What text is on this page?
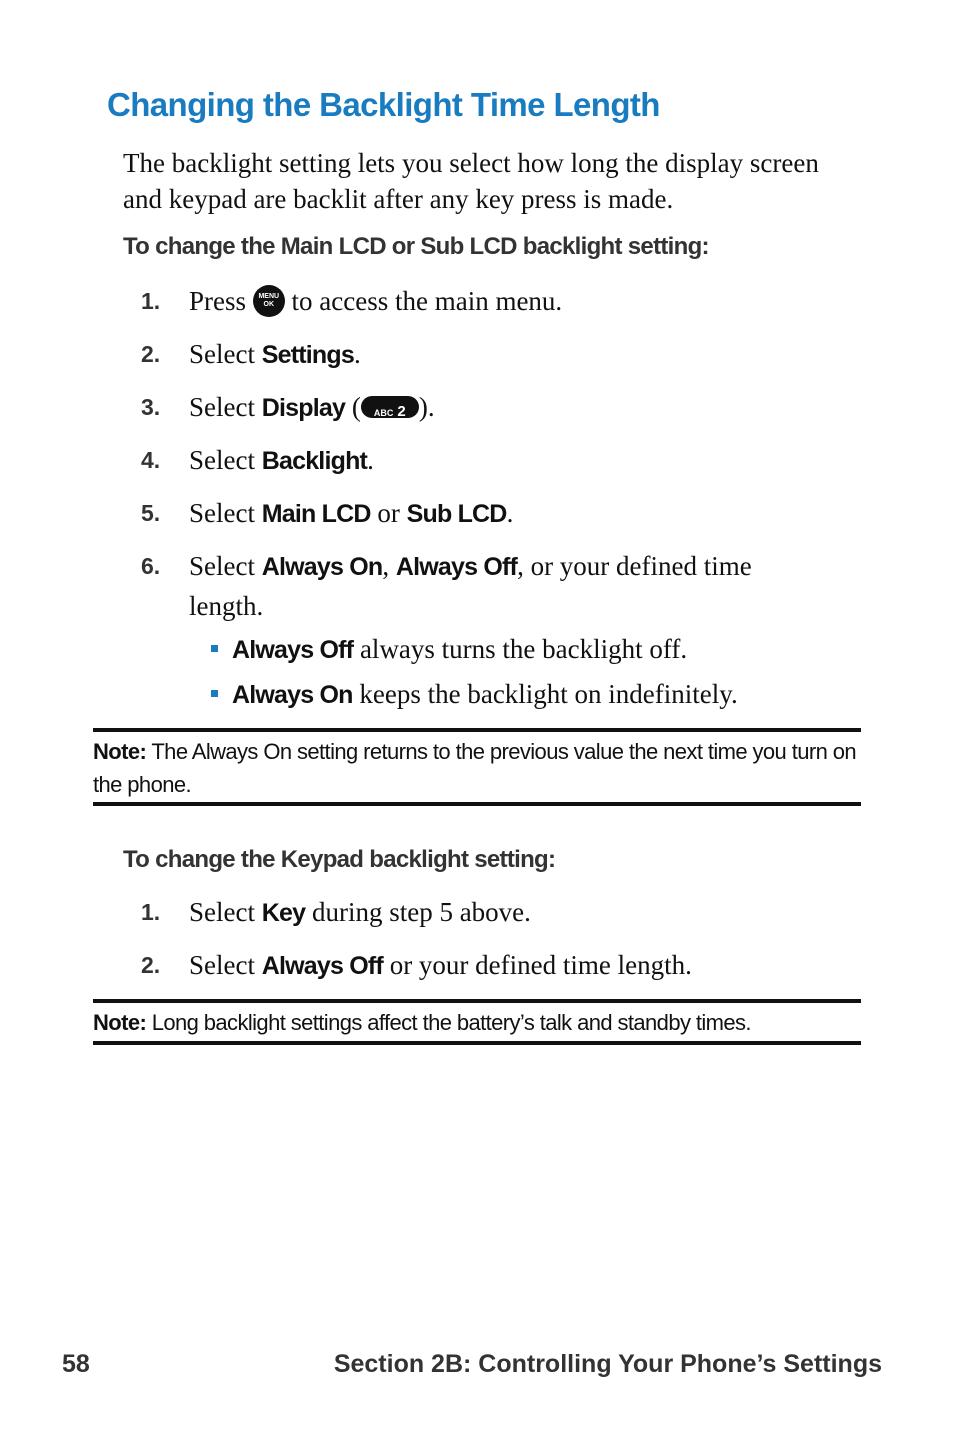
Changing the Backlight Time Length

The backlight setting lets you select how long the display screen and keypad are backlit after any key press is made.

To change the Main LCD or Sub LCD backlight setting:

1. Press	MENU
OK to access the main menu.
2. Select Settings.
3. Select Display ( ABC 2 ).
4. Select Backlight.
5. Select Main LCD or Sub LCD.
6. Select Always On, Always Off, or your defined time length.
Always Off always turns the backlight off.
Always On keeps the backlight on indefinitely.
Note: The Always On setting returns to the previous value the next time you turn on the phone.

To change the Keypad backlight setting:

1. Select Key during step 5 above.
2. Select Always Off or your defined time length.
Note: Long backlight settings affect the battery’s talk and standby times.
58	Section 2B: Controlling Your Phone’s Settings
